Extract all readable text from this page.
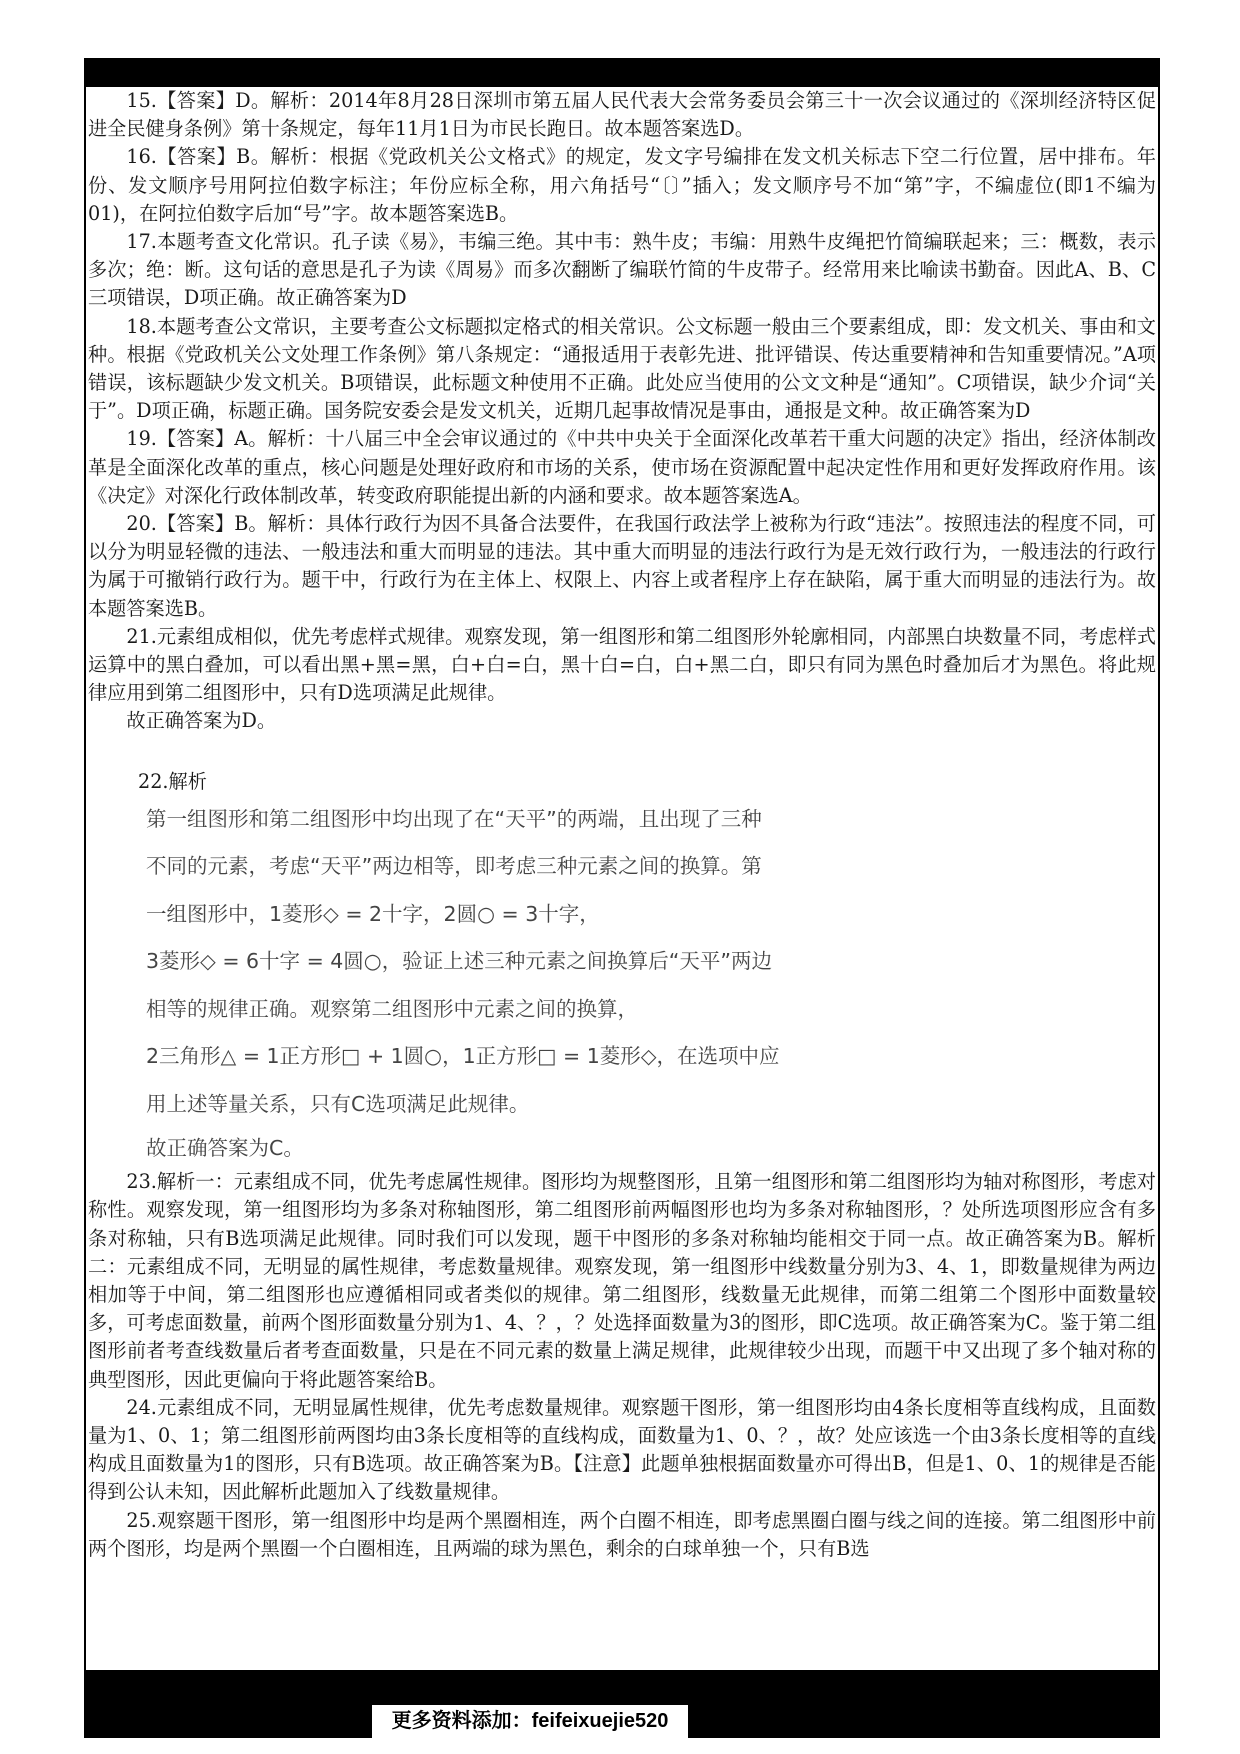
15.【答案】D。解析：2014年8月28日深圳市第五届人民代表大会常务委员会第三十一次会议通过的《深圳经济特区促进全民健身条例》第十条规定，每年11月1日为市民长跑日。故本题答案选D。

16.【答案】B。解析：根据《党政机关公文格式》的规定，发文字号编排在发文机关标志下空二行位置，居中排布。年份、发文顺序号用阿拉伯数字标注；年份应标全称，用六角括号“〔〕”插入；发文顺序号不加“第”字，不编虚位(即1不编为01)，在阿拉伯数字后加“号”字。故本题答案选B。

17.本题考查文化常识。孔子读《易》，韦编三绝。其中韦：熟牛皮；韦编：用熟牛皮绳把竹简编联起来；三：概数，表示多次；绝：断。这句话的意思是孔子为读《周易》而多次翻断了编联竹简的牛皮带子。经常用来比喻读书勤奋。因此A、B、C三项错误，D项正确。故正确答案为D

18.本题考查公文常识，主要考查公文标题拟定格式的相关常识。公文标题一般由三个要素组成，即：发文机关、事由和文种。根据《党政机关公文处理工作条例》第八条规定：“通报适用于表彰先进、批评错误、传达重要精神和告知重要情况。”A项错误，该标题缺少发文机关。B项错误，此标题文种使用不正确。此处应当使用的公文文种是“通知”。C项错误，缺少介词“关于”。D项正确，标题正确。国务院安委会是发文机关，近期几起事故情况是事由，通报是文种。故正确答案为D

19.【答案】A。解析：十八届三中全会审议通过的《中共中央关于全面深化改革若干重大问题的决定》指出，经济体制改革是全面深化改革的重点，核心问题是处理好政府和市场的关系，使市场在资源配置中起决定性作用和更好发挥政府作用。该《决定》对深化行政体制改革，转变政府职能提出新的内涵和要求。故本题答案选A。

20.【答案】B。解析：具体行政行为因不具备合法要件，在我国行政法学上被称为行政“违法”。按照违法的程度不同，可以分为明显轻微的违法、一般违法和重大而明显的违法。其中重大而明显的违法行政行为是无效行政行为，一般违法的行政行为属于可撤销行政行为。题干中，行政行为在主体上、权限上、内容上或者程序上存在缺陷，属于重大而明显的违法行为。故本题答案选B。

21.元素组成相似，优先考虑样式规律。观察发现，第一组图形和第二组图形外轮廓相同，内部黑白块数量不同，考虑样式运算中的黑白叠加，可以看出黑+黑=黑，白+白=白，黑十白=白，白+黑二白，即只有同为黑色时叠加后才为黑色。将此规律应用到第二组图形中，只有D选项满足此规律。

故正确答案为D。

22.解析

第一组图形和第二组图形中均出现了在“天平”的两端，且出现了三种

不同的元素，考虑“天平”两边相等，即考虑三种元素之间的换算。第

一组图形中，1菱形◇ = 2十字，2圆○ = 3十字，

3菱形◇ = 6十字 = 4圆○，验证上述三种元素之间换算后“天平”两边

相等的规律正确。观察第二组图形中元素之间的换算，

2三角形△ = 1正方形□ + 1圆○，1正方形□ = 1菱形◇，在选项中应

用上述等量关系，只有C选项满足此规律。

故正确答案为C。

23.解析一：元素组成不同，优先考虑属性规律。图形均为规整图形，且第一组图形和第二组图形均为轴对称图形，考虑对称性。观察发现，第一组图形均为多条对称轴图形，第二组图形前两幅图形也均为多条对称轴图形，？处所选项图形应含有多条对称轴，只有B选项满足此规律。同时我们可以发现，题干中图形的多条对称轴均能相交于同一点。故正确答案为B。解析二：元素组成不同，无明显的属性规律，考虑数量规律。观察发现，第一组图形中线数量分别为3、4、1，即数量规律为两边相加等于中间，第二组图形也应遵循相同或者类似的规律。第二组图形，线数量无此规律，而第二组第二个图形中面数量较多，可考虑面数量，前两个图形面数量分别为1、4、？，？处选择面数量为3的图形，即C选项。故正确答案为C。鉴于第二组图形前者考查线数量后者考查面数量，只是在不同元素的数量上满足规律，此规律较少出现，而题干中又出现了多个轴对称的典型图形，因此更偏向于将此题答案给B。

24.元素组成不同，无明显属性规律，优先考虑数量规律。观察题干图形，第一组图形均由4条长度相等直线构成，且面数量为1、0、1；第二组图形前两图均由3条长度相等的直线构成，面数量为1、0、？，故？处应该选一个由3条长度相等的直线构成且面数量为1的图形，只有B选项。故正确答案为B。【注意】此题单独根据面数量亦可得出B，但是1、0、1的规律是否能得到公认未知，因此解析此题加入了线数量规律。

25.观察题干图形，第一组图形中均是两个黑圈相连，两个白圈不相连，即考虑黑圈白圈与线之间的连接。第二组图形中前两个图形，均是两个黑圈一个白圈相连，且两端的球为黑色，剩余的白球单独一个，只有B选

更多资料添加：feifeixuejie520
